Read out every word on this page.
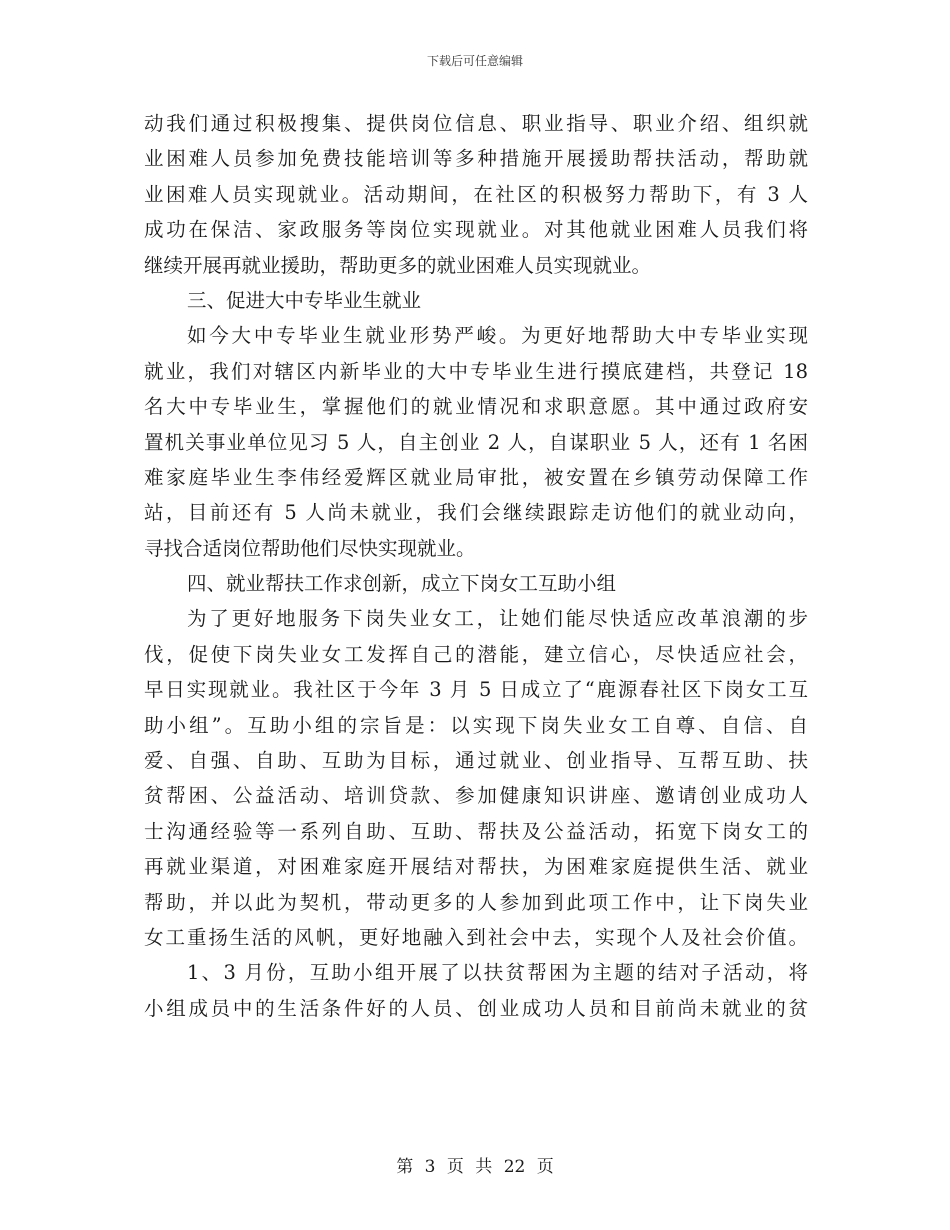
下载后可任意编辑
动我们通过积极搜集、提供岗位信息、职业指导、职业介绍、组织就
业困难人员参加免费技能培训等多种措施开展援助帮扶活动，帮助就
业困难人员实现就业。活动期间，在社区的积极努力帮助下，有 3 人
成功在保洁、家政服务等岗位实现就业。对其他就业困难人员我们将
继续开展再就业援助，帮助更多的就业困难人员实现就业。
三、促进大中专毕业生就业
如今大中专毕业生就业形势严峻。为更好地帮助大中专毕业实现
就业，我们对辖区内新毕业的大中专毕业生进行摸底建档，共登记 18
名大中专毕业生，掌握他们的就业情况和求职意愿。其中通过政府安
置机关事业单位见习 5 人，自主创业 2 人，自谋职业 5 人，还有 1 名困
难家庭毕业生李伟经爱辉区就业局审批，被安置在乡镇劳动保障工作
站，目前还有 5 人尚未就业，我们会继续跟踪走访他们的就业动向，
寻找合适岗位帮助他们尽快实现就业。
四、就业帮扶工作求创新，成立下岗女工互助小组
为了更好地服务下岗失业女工，让她们能尽快适应改革浪潮的步
伐，促使下岗失业女工发挥自己的潜能，建立信心，尽快适应社会，
早日实现就业。我社区于今年 3 月 5 日成立了“鹿源春社区下岗女工互
助小组”。互助小组的宗旨是：以实现下岗失业女工自尊、自信、自
爱、自强、自助、互助为目标，通过就业、创业指导、互帮互助、扶
贫帮困、公益活动、培训贷款、参加健康知识讲座、邀请创业成功人
士沟通经验等一系列自助、互助、帮扶及公益活动，拓宽下岗女工的
再就业渠道，对困难家庭开展结对帮扶，为困难家庭提供生活、就业
帮助，并以此为契机，带动更多的人参加到此项工作中，让下岗失业
女工重扬生活的风帆，更好地融入到社会中去，实现个人及社会价值。
1、3 月份，互助小组开展了以扶贫帮困为主题的结对子活动，将
小组成员中的生活条件好的人员、创业成功人员和目前尚未就业的贫
第 3 页 共 22 页
